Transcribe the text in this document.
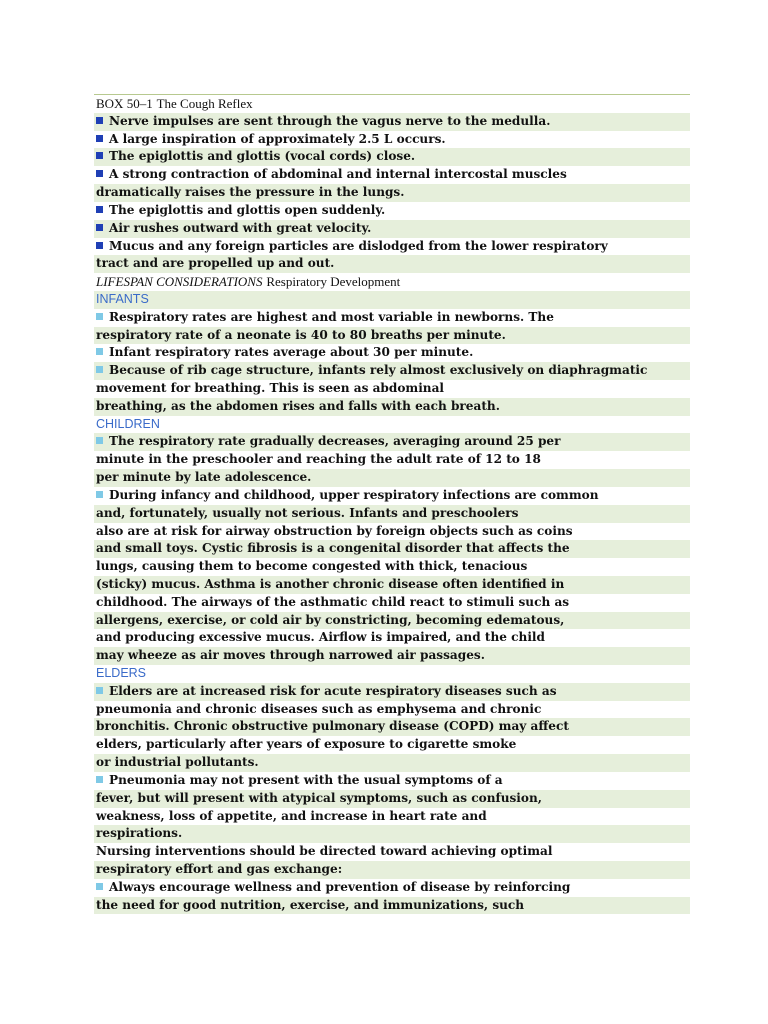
BOX 50–1 The Cough Reflex
Nerve impulses are sent through the vagus nerve to the medulla.
A large inspiration of approximately 2.5 L occurs.
The epiglottis and glottis (vocal cords) close.
A strong contraction of abdominal and internal intercostal muscles
dramatically raises the pressure in the lungs.
The epiglottis and glottis open suddenly.
Air rushes outward with great velocity.
Mucus and any foreign particles are dislodged from the lower respiratory
tract and are propelled up and out.
LIFESPAN CONSIDERATIONS Respiratory Development
INFANTS
Respiratory rates are highest and most variable in newborns. The
respiratory rate of a neonate is 40 to 80 breaths per minute.
Infant respiratory rates average about 30 per minute.
Because of rib cage structure, infants rely almost exclusively on diaphragmatic
movement for breathing. This is seen as abdominal
breathing, as the abdomen rises and falls with each breath.
CHILDREN
The respiratory rate gradually decreases, averaging around 25 per
minute in the preschooler and reaching the adult rate of 12 to 18
per minute by late adolescence.
During infancy and childhood, upper respiratory infections are common
and, fortunately, usually not serious. Infants and preschoolers
also are at risk for airway obstruction by foreign objects such as coins
and small toys. Cystic fibrosis is a congenital disorder that affects the
lungs, causing them to become congested with thick, tenacious
(sticky) mucus. Asthma is another chronic disease often identified in
childhood. The airways of the asthmatic child react to stimuli such as
allergens, exercise, or cold air by constricting, becoming edematous,
and producing excessive mucus. Airflow is impaired, and the child
may wheeze as air moves through narrowed air passages.
ELDERS
Elders are at increased risk for acute respiratory diseases such as
pneumonia and chronic diseases such as emphysema and chronic
bronchitis. Chronic obstructive pulmonary disease (COPD) may affect
elders, particularly after years of exposure to cigarette smoke
or industrial pollutants.
Pneumonia may not present with the usual symptoms of a
fever, but will present with atypical symptoms, such as confusion,
weakness, loss of appetite, and increase in heart rate and
respirations.
Nursing interventions should be directed toward achieving optimal
respiratory effort and gas exchange:
Always encourage wellness and prevention of disease by reinforcing
the need for good nutrition, exercise, and immunizations, such
